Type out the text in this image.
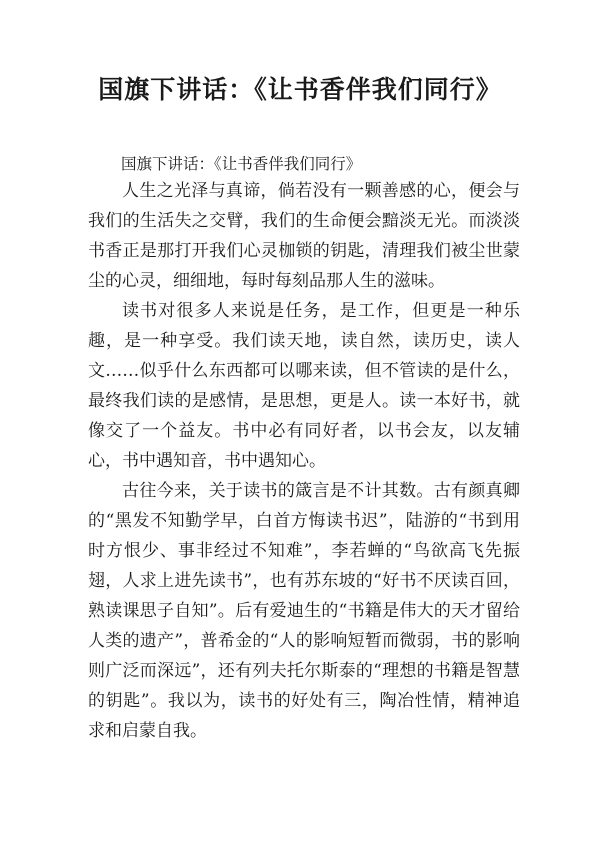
国旗下讲话：《让书香伴我们同行》

国旗下讲话：《让书香伴我们同行》

人生之光泽与真谛，倘若没有一颗善感的心，便会与我们的生活失之交臂，我们的生命便会黯淡无光。而淡淡书香正是那打开我们心灵枷锁的钥匙，清理我们被尘世蒙尘的心灵，细细地，每时每刻品那人生的滋味。

读书对很多人来说是任务，是工作，但更是一种乐趣，是一种享受。我们读天地，读自然，读历史，读人文……似乎什么东西都可以哪来读，但不管读的是什么，最终我们读的是感情，是思想，更是人。读一本好书，就像交了一个益友。书中必有同好者，以书会友，以友辅心，书中遇知音，书中遇知心。

古往今来，关于读书的箴言是不计其数。古有颜真卿的“黑发不知勤学早，白首方悔读书迟”，陆游的“书到用时方恨少、事非经过不知难”，李若蝉的“鸟欲高飞先振翅，人求上进先读书”，也有苏东坡的“好书不厌读百回，熟读课思子自知”。后有爱迪生的“书籍是伟大的天才留给人类的遗产”，普希金的“人的影响短暂而微弱，书的影响则广泛而深远”，还有列夫托尔斯泰的“理想的书籍是智慧的钥匙”。我以为，读书的好处有三，陶冶性情，精神追求和启蒙自我。
